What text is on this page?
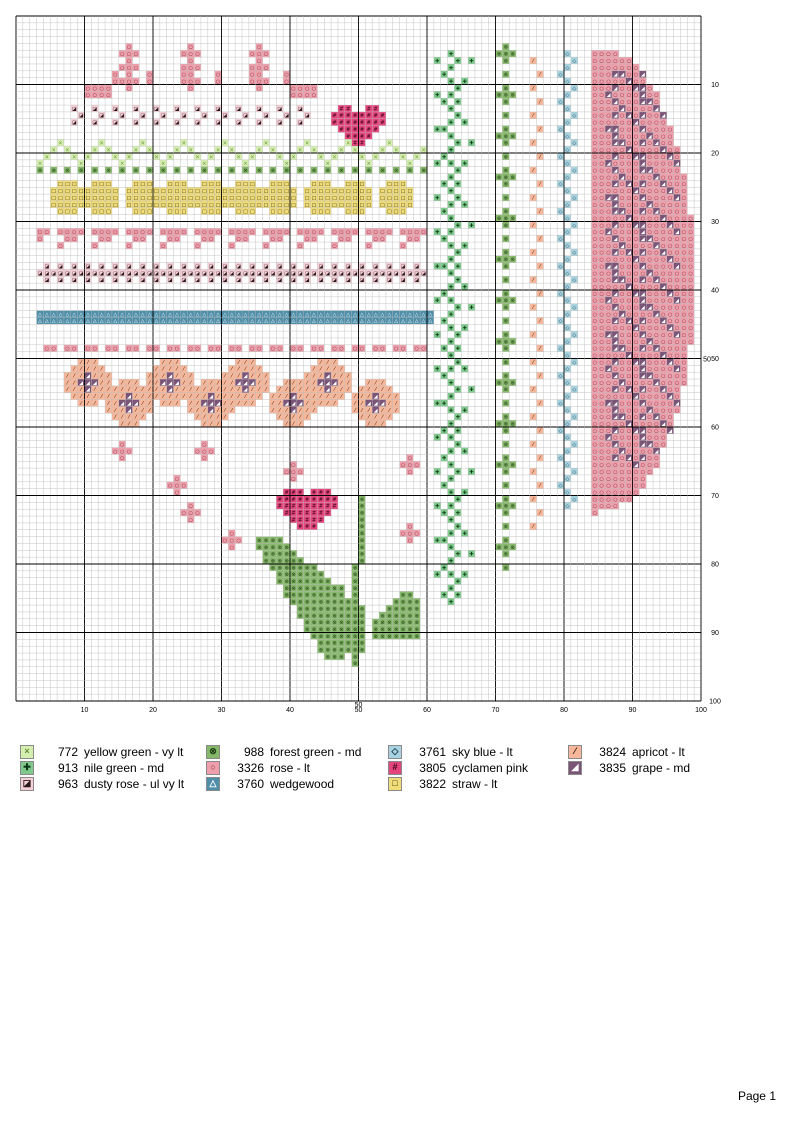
○
○ ○
○
○
○
○ ○
○
○
○ ○
○
○
○ ○
○
○
○
○ ○
○
○
○ ○
○
○
○ ○
○
○
○
○ ○
○
○
○ ○
○
○
○
○
○
○	○
○
○	○
○
○
○
○
○
○
○
○
○
○
○
○
○
○
○
○
○
◪
◪
◪
◪
◪
◪
◪
◪
◪
◪
◪
◪
◪
◪
◪
◪
◪
◪
◪
◪
◪
◪
◪
◪
◪
◪
◪
◪
◪
◪
◪
◪
◪
◪
◪
◪
# #	# #
# # # # # # # #
# # # # # # # #
# # # # # #
# # # #
# #
×
×
×
×
×
×
×
×
×
×
×
×
×
×
×
×
×
×
×
×
×
×
×
×
×
×
×
×
×
×
×
×
×
×
×
×
×
×
×
×
×
×
×
×
×
×
×
×
×
×
×
×
×
×
×
×
×
⊗ ⊗ ⊗ ⊗ ⊗ ⊗ ⊗ ⊗ ⊗ ⊗ ⊗ ⊗ ⊗ ⊗ ⊗ ⊗ ⊗ ⊗ ⊗ ⊗ ⊗ ⊗ ⊗ ⊗ ⊗ ⊗ ⊗ ⊗ ⊗
□
□
□
□
□
□
□
□
□
□
□
□
□
□
□
□
□
□
□
□
□
□
□
□
□
□
□
□
□
□
□
□
□
□
□
□
□
□
□
□
□
□
□
□
□
□
□
□
□
□
□
□
□
□
□
□
□
□
□
□
□
□
□
□
□
□
□
□
□
□
□
□
□
□
□
□
□
□
□
□
□
□
□
□
□
□
□
□
□
□
□
□
□
□
□
□
□
□
□
□
□
□
□
□
□
□
□
□
□
□
□
□
□
□
□
□
□
□
□
□
□
□
□
□
□
□
□
□
□
□
□
□
□
□
□
□
□
□
□
□
□
□
□
□
□
□
□
□
□
□
□
□
□
□
□
□
□
□
□
□
□
□
□
□
□
□
□
□
□
□
□
□
□
□
□
□
□
□
□
□
□
□
□
□
□
□
□
□
□
□
□
□
□
□
□
□
□
□
□
□
□
□
□
□
□
□
□
□
□
□
○
○
○ ○
○
○
○
○
○
○ ○
○
○
○
○
○
○ ○
○
○
○
○
○
○ ○
○
○
○
○
○
○ ○
○
○
○
○
○
○ ○
○
○
○
○
○
○ ○
○
○
○
○
○
○ ○
○
○
○
○
○
○ ○
○
○
○
○
○
○ ○
○
○
○
○
○
○ ○
○
○
○
○
○
○
◪
◪
◪
◪ ◪
◪
◪
◪ ◪
◪
◪
◪ ◪
◪
◪
◪ ◪
◪
◪
◪ ◪
◪
◪
◪ ◪
◪
◪
◪ ◪
◪
◪
◪ ◪
◪
◪
◪ ◪
◪
◪
◪ ◪
◪
◪
◪ ◪
◪
◪
◪ ◪
◪
◪
◪ ◪
◪
◪
◪ ◪
◪
◪
◪ ◪
◪
◪
◪ ◪
◪
◪
◪ ◪
◪
◪
◪ ◪
◪
◪
◪ ◪
◪
◪
◪ ◪
◪
◪
◪ ◪
◪
◪
◪ ◪
◪
◪
◪ ◪
◪
◪
◪ ◪
◪
◪
◪ ◪
◪
◪
◪ ◪
◪
◪
◪ ◪
◪
◪
◪ ◪
△
△
△
△
△
△
△
△
△
△
△
△
△
△
△
△
△
△
△
△
△
△
△
△
△
△
△
△
△
△
△
△
△
△
△
△
△
△
△
△
△
△
△
△
△
△
△
△
△
△
△
△
△
△
△
△
△
△
△
△
△
△
△
△
△
△
△
△
△
△
△
△
△
△
△
△
△
△
△
△
△
△
△
△
△
△
△
△
△
△
△
△
△
△
△
△
△
△
△
△
△
△
△
△
△
△
△
△
△
△
△
△
△
△
△
△
○ ○ ○ ○ ○ ○ ○ ○ ○ ○ ○ ○ ○ ○ ○ ○ ○ ○ ○ ○ ○ ○ ○ ○ ○ ○ ○ ○ ○ ○ ○ ○ ○ ○ ○ ○ ○ ○
⁄
⁄
⁄
⁄
⁄
⁄
⁄
◢
⁄
⁄
⁄
◢
◢
◢
⁄
⁄
⁄
◢
⁄
⁄
⁄
⁄
⁄
⁄
⁄
⁄
⁄
⁄
⁄
⁄
⁄
⁄
⁄
⁄
⁄
⁄
⁄
⁄
⁄
⁄
⁄
⁄
⁄
⁄
◢
⁄
⁄
⁄
◢
◢
◢
⁄
⁄
⁄
◢
⁄
⁄
⁄
⁄
⁄
⁄
⁄
⁄
⁄
⁄
⁄
⁄
⁄
⁄
⁄
⁄
⁄
⁄
⁄
⁄
⁄
⁄
⁄
⁄
⁄
⁄
◢
⁄
⁄
⁄
◢
◢
◢
⁄
⁄
⁄
◢
⁄
⁄
⁄
⁄
⁄
⁄
⁄
⁄
⁄
⁄
⁄
⁄
⁄
⁄
⁄
⁄
⁄
⁄
⁄
⁄
⁄
⁄
⁄
⁄
⁄
⁄
◢
⁄
⁄
⁄
◢
◢
◢
⁄
⁄
⁄
◢
⁄
⁄
⁄
⁄
⁄
⁄
⁄
⁄
⁄
⁄
⁄
⁄
⁄
⁄
⁄
⁄
⁄
⁄
⁄
⁄
⁄
⁄
⁄
⁄
⁄
◢
⁄
⁄
⁄
◢
◢
◢
⁄
⁄
⁄
◢
⁄
⁄
⁄
⁄
⁄
⁄
⁄
⁄
⁄
⁄
⁄
⁄
⁄
⁄
⁄
⁄
⁄
⁄
⁄
⁄
⁄
⁄
⁄
⁄
⁄
◢
⁄
⁄
⁄
◢
◢
◢
⁄
⁄
⁄
◢
⁄
⁄
⁄
⁄
⁄
⁄
⁄
⁄
⁄
⁄
⁄
⁄
⁄
⁄
⁄
⁄
⁄
⁄
⁄
⁄
⁄
⁄
⁄
⁄
⁄
◢
⁄
⁄
⁄
◢
◢
◢
⁄
⁄
⁄
◢
⁄
⁄
⁄
⁄
⁄
⁄
⁄
⁄
⁄
⁄
⁄
⁄
⁄
⁄
⁄
⁄
⁄
⁄
⁄
⁄
⁄
⁄
⁄
⁄
⁄
◢
⁄
⁄
⁄
◢
◢
◢
⁄
⁄
⁄
◢
⁄
⁄
⁄
⁄
⁄
⁄
⁄
⁄
⁄
⁄
⁄
⁄
⁄
⁄
⁄
⁄
⁄
⁄
⁄
○
○ ○
○
○
○
○ ○
○
○
○
○ ○
○
○
○
○ ○
○
○
○
○ ○
○
○
#
# #
#
#
○
○ ○
○
○
○
○ ○
○
○
○
○ ○
○
○
# # # # # #
# # # # # # # #
# # #	# # #
# # # # # #
# # # # #
# # #
⊗
⊗
⊗
⊗
⊗
⊗
⊗
⊗
⊗
⊗
⊗
⊗
⊗
⊗
⊗
⊗
⊗
⊗
⊗
⊗
⊗
⊗
⊗
⊗
⊗
⊗ ⊗ ⊗ ⊗
⊗ ⊗ ⊗ ⊗ ⊗
⊗ ⊗ ⊗ ⊗ ⊗
⊗ ⊗ ⊗ ⊗ ⊗ ⊗
⊗ ⊗ ⊗ ⊗ ⊗ ⊗ ⊗
⊗ ⊗ ⊗ ⊗ ⊗ ⊗ ⊗
⊗ ⊗ ⊗ ⊗ ⊗ ⊗ ⊗ ⊗
⊗ ⊗ ⊗ ⊗ ⊗ ⊗ ⊗ ⊗ ⊗
⊗ ⊗ ⊗ ⊗ ⊗ ⊗ ⊗ ⊗ ⊗
⊗ ⊗ ⊗ ⊗ ⊗ ⊗ ⊗ ⊗ ⊗
⊗ ⊗ ⊗ ⊗ ⊗ ⊗ ⊗ ⊗
⊗ ⊗ ⊗ ⊗ ⊗ ⊗ ⊗
⊗ ⊗ ⊗ ⊗ ⊗ ⊗ ⊗
⊗ ⊗ ⊗ ⊗ ⊗ ⊗
⊗ ⊗ ⊗ ⊗ ⊗
⊗ ⊗ ⊗ ⊗ ⊗
⊗ ⊗ ⊗ ⊗
⊗ ⊗ ⊗
⊗ ⊗
⊗ ⊗ ⊗ ⊗
⊗ ⊗ ⊗ ⊗ ⊗
⊗ ⊗ ⊗ ⊗ ⊗ ⊗
⊗ ⊗ ⊗ ⊗ ⊗ ⊗ ⊗
⊗ ⊗ ⊗ ⊗ ⊗ ⊗ ⊗
⊗ ⊗ ⊗ ⊗ ⊗ ⊗ ⊗
⊗
⊗
⊗
⊗
⊗
⊗
⊗
⊗
⊗
⊗
⊗
✚
✚ ✚
✚
✚
✚
✚ ✚
✚
✚
✚
✚ ✚
✚
✚
✚ ✚
✚
✚
✚
✚ ✚
✚
✚
✚ ✚
✚
✚
✚
✚ ✚
✚
✚
✚
✚ ✚
✚
✚
✚ ✚
✚
✚
✚
✚ ✚
✚
✚
✚ ✚
✚
✚
✚
✚ ✚
✚
✚
✚
✚ ✚
✚
✚
✚ ✚
✚
✚
✚
✚ ✚
✚
✚
✚ ✚
✚
✚
✚
✚ ✚
✚
✚
✚
✚ ✚
✚
✚
✚ ✚
✚
✚
✚
✚ ✚
✚
✚
✚ ✚
✚
✚
✚
✚ ✚
✚
✚
✚
✚ ✚
✚
✚
✚ ✚
✚
✚
✚
✚ ✚
✚
✚
✚ ✚
✚
✚
✚
✚ ✚
✚
⊗
⊗ ⊗
⊗
⊗
⊗
⊗
⊗ ⊗
⊗
⊗
⊗
⊗
⊗ ⊗
⊗
⊗
⊗
⊗
⊗ ⊗
⊗
⊗
⊗
⊗
⊗ ⊗
⊗
⊗
⊗
⊗
⊗ ⊗
⊗
⊗
⊗
⊗
⊗ ⊗
⊗
⊗
⊗
⊗
⊗ ⊗
⊗
⊗
⊗
⊗
⊗ ⊗
⊗
⊗
⊗
⊗
⊗ ⊗
⊗
⊗
⊗
⊗
⊗ ⊗
⊗
⊗
⊗
⊗
⊗ ⊗
⊗
⊗
⊗
⊗
⊗ ⊗
⊗
⊗
⊗
⁄
⁄
⁄
⁄
⁄
⁄
⁄
⁄
⁄
⁄
⁄
⁄
⁄
⁄
⁄
⁄
⁄
⁄
⁄
⁄
⁄
⁄
⁄
⁄
⁄
⁄
⁄
⁄
⁄
⁄
⁄
⁄
⁄
⁄
⁄
◇
◇
◇
◇
◇
◇
◇
◇
◇
◇
◇
◇
◇
◇
◇
◇
◇
◇
◇
◇
◇
◇
◇
◇
◇
◇
◇
◇
◇
◇
◇
◇
◇
◇
◇
◇
◇
◇
◇
◇
◇
◇
◇
◇
◇
◇
◇
◇
◇
◇
◇
◇
◇
◇
◇
◇
◇
◇
◇
◇
◇
◇
◇
◇
◇
◇
◇
○ ○ ○ ○
○ ○ ○ ○ ○ ○
○ ○ ○ ○ ○ ○ ○
○ ○ ○ ◢ ◢ ○ ○ ◢
○ ○ ○ ○ ○ ◢ ○ ○
○ ○ ○ ◢ ○ ○ ◢ ◢ ○
○ ○ ◢ ○ ○ ○ ○ ◢ ○ ○
○ ○ ○ ◢ ○ ○ ○ ◢ ◢ ○
○ ○ ○ ○ ◢ ○ ○ ○ ○ ◢
○ ○ ○ ◢ ○ ◢ ○ ◢ ○ ○ ◢
○ ○ ○ ○ ○ ○ ◢ ○ ○ ○ ○
○ ○ ◢ ◢ ○ ○ ○ ◢ ○ ○ ○ ○
○ ○ ○ ◢ ○ ○ ○ ○ ◢ ○ ○ ○
○ ○ ○ ◢ ◢ ○ ○ ◢ ○ ◢ ○ ○
○ ○ ○ ○ ○ ◢ ○ ○ ○ ○ ◢ ○ ○
○ ○ ○ ◢ ○ ○ ◢ ◢ ○ ○ ○ ◢ ○
○ ○ ◢ ○ ○ ○ ○ ◢ ○ ○ ○ ○ ◢
○ ○ ○ ◢ ○ ○ ○ ◢ ◢ ○ ○ ○ ○
○ ○ ○ ○ ◢ ○ ○ ○ ○ ◢ ○ ○ ○ ○
○ ○ ○ ◢ ○ ◢ ○ ◢ ○ ○ ◢ ○ ○ ○
○ ○ ○ ○ ○ ○ ◢ ○ ○ ○ ○ ◢ ○ ○
○ ○ ◢ ◢ ○ ○ ○ ◢ ○ ○ ○ ○ ◢ ○
○ ○ ○ ◢ ○ ○ ○ ○ ◢ ○ ○ ○ ○ ○
○ ○ ○ ◢ ◢ ○ ○ ◢ ○ ◢ ○ ○ ○ ○
○ ○ ○ ○ ○ ◢ ○ ○ ○ ○ ◢ ○ ○ ○ ○
○ ○ ○ ◢ ○ ○ ◢ ◢ ○ ○ ○ ◢ ○ ○ ○
○ ○ ◢ ○ ○ ○ ○ ◢ ○ ○ ○ ○ ◢ ○ ○
○ ○ ○ ◢ ○ ○ ○ ◢ ◢ ○ ○ ○ ○ ○ ○
○ ○ ○ ○ ◢ ○ ○ ○ ○ ◢ ○ ○ ○ ○ ○
○ ○ ○ ◢ ○ ◢ ○ ◢ ○ ○ ◢ ○ ○ ○ ○
○ ○ ○ ○ ○ ○ ◢ ○ ○ ○ ○ ◢ ○ ○ ○
○ ○ ◢ ◢ ○ ○ ○ ◢ ○ ○ ○ ○ ◢ ○ ○
○ ○ ○ ◢ ○ ○ ○ ○ ◢ ○ ○ ○ ○ ○ ○
○ ○ ○ ◢ ◢ ○ ○ ◢ ○ ◢ ○ ○ ○ ○ ○
○ ○ ○ ○ ○ ◢ ○ ○ ○ ○ ◢ ○ ○ ○ ○
○ ○ ○ ◢ ○ ○ ◢ ◢ ○ ○ ○ ◢ ○ ○ ○
○ ○ ◢ ○ ○ ○ ○ ◢ ○ ○ ○ ○ ◢ ○ ○
○ ○ ○ ◢ ○ ○ ○ ◢ ◢ ○ ○ ○ ○ ○ ○
○ ○ ○ ○ ◢ ○ ○ ○ ○ ◢ ○ ○ ○ ○ ○
○ ○ ○ ◢ ○ ◢ ○ ◢ ○ ○ ◢ ○ ○ ○ ○
○ ○ ○ ○ ○ ○ ◢ ○ ○ ○ ○ ◢ ○ ○ ○
○ ○ ◢ ◢ ○ ○ ○ ◢ ○ ○ ○ ○ ◢ ○ ○
○ ○ ○ ◢ ○ ○ ○ ○ ◢ ○ ○ ○ ○ ○ ○
○ ○ ○ ◢ ◢ ○ ○ ◢ ○ ◢ ○ ○ ○ ○
○ ○ ○ ○ ○ ◢ ○ ○ ○ ○ ◢ ○ ○ ○
○ ○ ○ ◢ ○ ○ ◢ ◢ ○ ○ ○ ◢ ○ ○
○ ○ ◢ ○ ○ ○ ○ ◢ ○ ○ ○ ○ ◢ ○
○ ○ ○ ◢ ○ ○ ○ ◢ ◢ ○ ○ ○ ○ ○
○ ○ ○ ○ ◢ ○ ○ ○ ○ ◢ ○ ○ ○ ○
○ ○ ○ ◢ ○ ◢ ○ ◢ ○ ○ ◢ ○ ○
○ ○ ○ ○ ○ ○ ◢ ○ ○ ○ ○ ◢ ○
○ ○ ◢ ◢ ○ ○ ○ ◢ ○ ○ ○ ○ ◢
○ ○ ○ ◢ ○ ○ ○ ○ ◢ ○ ○ ○ ○
○ ○ ○ ◢ ◢ ○ ○ ◢ ○ ◢ ○ ○
○ ○ ○ ○ ○ ◢ ○ ○ ○ ○ ◢ ○
○ ○ ○ ◢ ○ ○ ◢ ◢ ○ ○ ○ ◢
○ ○ ◢ ○ ○ ○ ○ ◢ ○ ○ ○
○ ○ ○ ◢ ○ ○ ○ ◢ ◢ ○ ○
○ ○ ○ ○ ◢ ○ ○ ○ ○ ◢
○ ○ ○ ◢ ○ ◢ ○ ◢ ○ ○
○ ○ ○ ○ ○ ○ ◢ ○ ○ ○
○ ○ ○ ○ ○ ○ ○ ○ ○
○ ○ ○ ○ ○ ○ ○ ○
○ ○ ○ ○ ○ ○ ○ ○
○ ○ ○ ○ ○ ○ ○
○ ○ ○ ○ ○ ○
○ ○ ○ ○
○
10	20	30	40	50	60	70	80	90	100
10
20
30
40
50
60
70
80
90
100
50
50
×	772 yellow green - vy lt
✚	913 nile green - md
◪	963 dusty rose - ul vy lt
⊗	988 forest green - md
○	3326 rose - lt
△	3760 wedgewood
◇	3761 sky blue - lt
#	3805 cyclamen pink
□	3822 straw - lt
⁄	3824 apricot - lt
◢	3835 grape - md
Page 1
